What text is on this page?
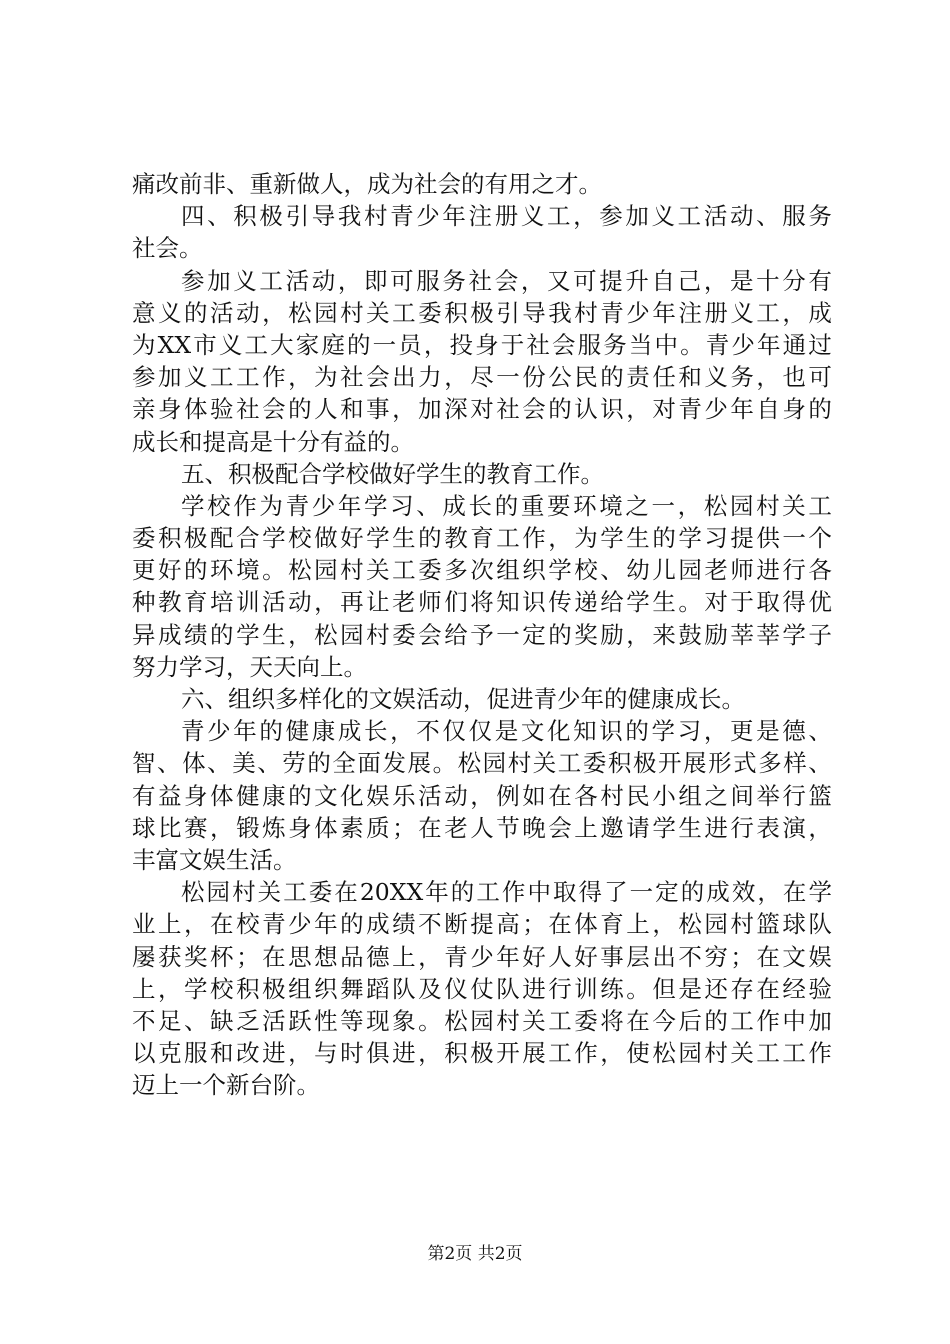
痛改前非、重新做人，成为社会的有用之才。
四 、 积 极 引 导 我 村 青 少 年 注 册 义 工 ， 参 加 义 工 活 动 、 服 务
社会。
参 加 义 工 活 动 ， 即 可 服 务 社 会 ， 又 可 提 升 自 己 ， 是 十 分 有
意 义 的 活 动 ， 松 园 村 关 工 委 积 极 引 导 我 村 青 少 年 注 册 义 工 ， 成
为 XX 市 义 工 大 家 庭 的 一 员 ， 投 身 于 社 会 服 务 当 中 。 青 少 年 通 过
参 加 义 工 工 作 ， 为 社 会 出 力 ， 尽 一 份 公 民 的 责 任 和 义 务 ， 也 可
亲 身 体 验 社 会 的 人 和 事 ， 加 深 对 社 会 的 认 识 ， 对 青 少 年 自 身 的
成长和提高是十分有益的。
五、积极配合学校做好学生的教育工作。
学 校 作 为 青 少 年 学 习 、 成 长 的 重 要 环 境 之 一 ， 松 园 村 关 工
委 积 极 配 合 学 校 做 好 学 生 的 教 育 工 作 ， 为 学 生 的 学 习 提 供 一 个
更 好 的 环 境 。 松 园 村 关 工 委 多 次 组 织 学 校 、 幼 儿 园 老 师 进 行 各
种 教 育 培 训 活 动 ， 再 让 老 师 们 将 知 识 传 递 给 学 生 。 对 于 取 得 优
异 成 绩 的 学 生 ， 松 园 村 委 会 给 予 一 定 的 奖 励 ， 来 鼓 励 莘 莘 学 子
努力学习，天天向上。
六、组织多样化的文娱活动，促进青少年的健康成长。
青 少 年 的 健 康 成 长 ， 不 仅 仅 是 文 化 知 识 的 学 习 ， 更 是 德 、
智 、 体 、 美 、 劳 的 全 面 发 展 。 松 园 村 关 工 委 积 极 开 展 形 式 多 样 、
有 益 身 体 健 康 的 文 化 娱 乐 活 动 ， 例 如 在 各 村 民 小 组 之 间 举 行 篮
球 比 赛 ， 锻 炼 身 体 素 质 ； 在 老 人 节 晚 会 上 邀 请 学 生 进 行 表 演 ，
丰富文娱生活。
松 园 村 关 工 委 在 20XX 年 的 工 作 中 取 得 了 一 定 的 成 效 ， 在 学
业 上 ， 在 校 青 少 年 的 成 绩 不 断 提 高 ； 在 体 育 上 ， 松 园 村 篮 球 队
屡 获 奖 杯 ； 在 思 想 品 德 上 ， 青 少 年 好 人 好 事 层 出 不 穷 ； 在 文 娱
上 ， 学 校 积 极 组 织 舞 蹈 队 及 仪 仗 队 进 行 训 练 。 但 是 还 存 在 经 验
不 足 、 缺 乏 活 跃 性 等 现 象 。 松 园 村 关 工 委 将 在 今 后 的 工 作 中 加
以 克 服 和 改 进 ， 与 时 俱 进 ， 积 极 开 展 工 作 ， 使 松 园 村 关 工 工 作
迈上一个新台阶。
第2页 共2页
